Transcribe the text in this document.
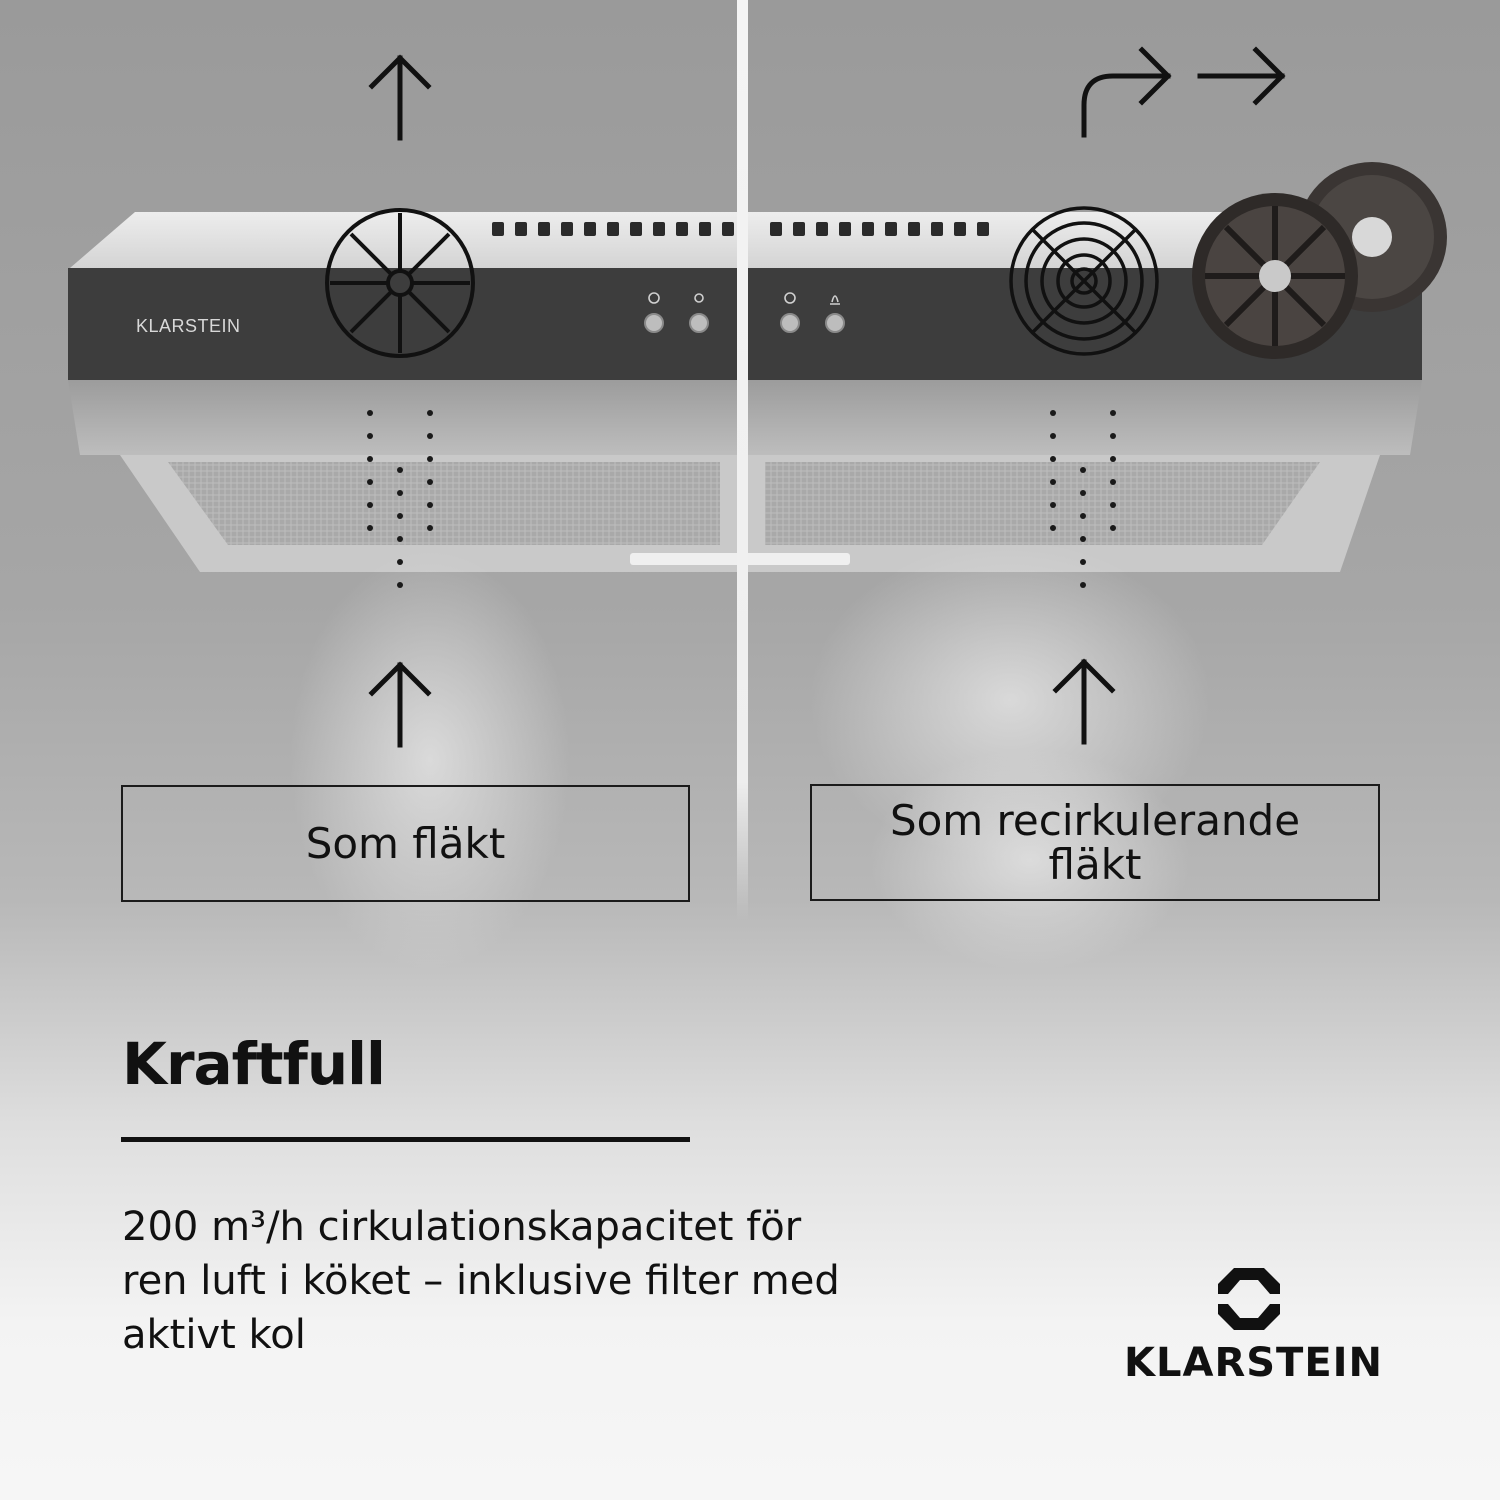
KLARSTEIN
Som fläkt	Som recirkulerande fläkt
Kraftfull
200 m³/h cirkulationskapacitet för ren luft i köket – inklusive filter med aktivt kol
KLARSTEIN
